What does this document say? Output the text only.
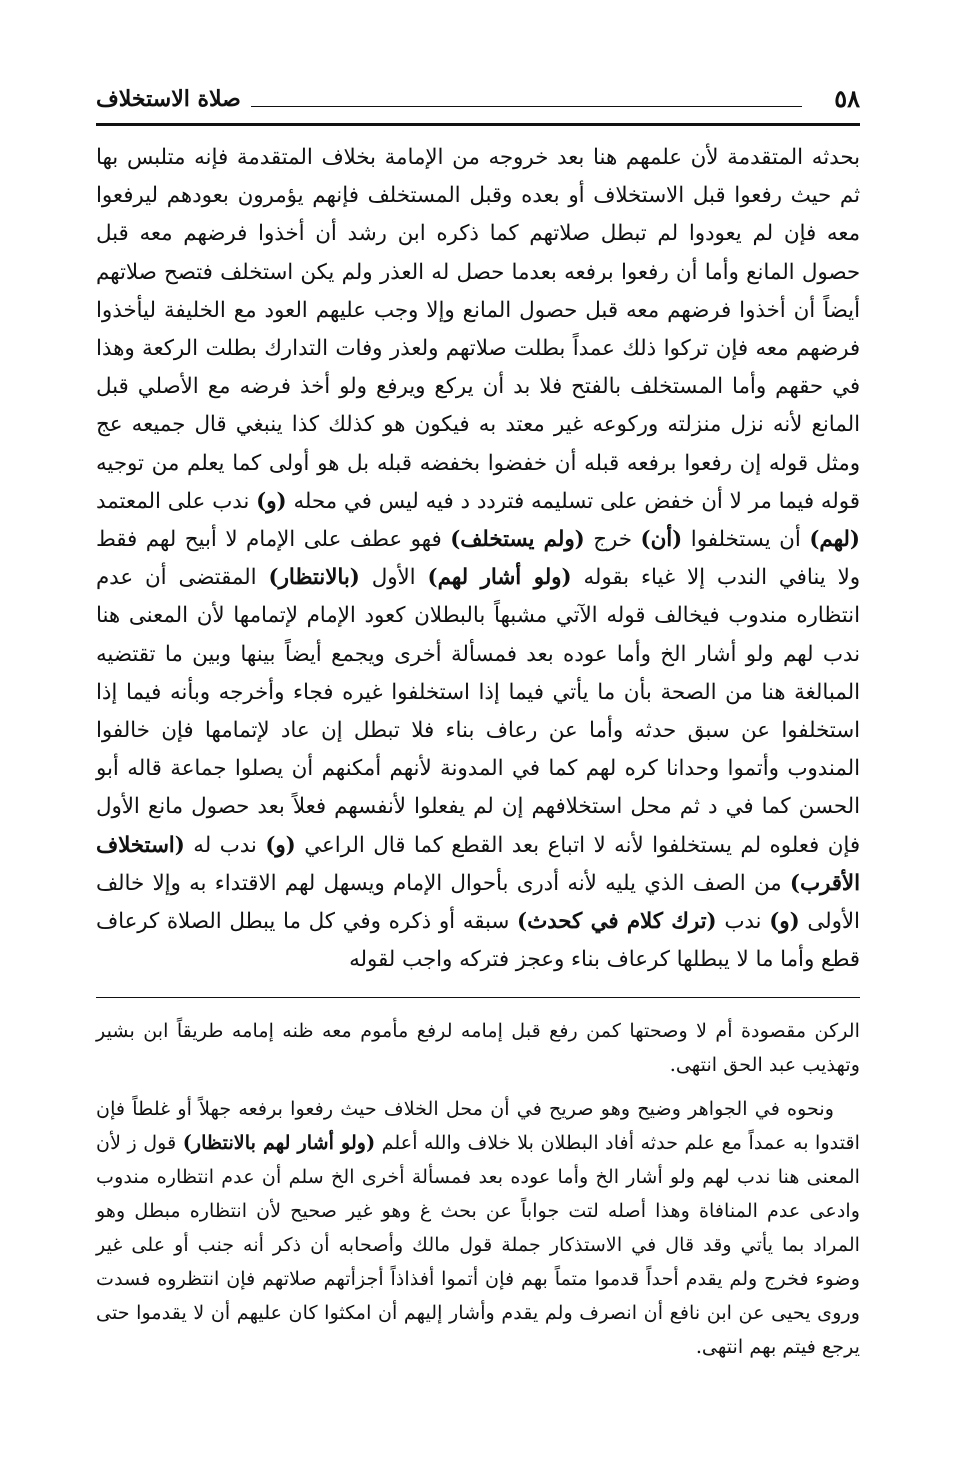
٥٨
صلاة الاستخلاف
بحدثه المتقدمة لأن علمهم هنا بعد خروجه من الإمامة بخلاف المتقدمة فإنه متلبس بها ثم حيث رفعوا قبل الاستخلاف أو بعده وقبل المستخلف فإنهم يؤمرون بعودهم ليرفعوا معه فإن لم يعودوا لم تبطل صلاتهم كما ذكره ابن رشد أن أخذوا فرضهم معه قبل حصول المانع وأما أن رفعوا برفعه بعدما حصل له العذر ولم يكن استخلف فتصح صلاتهم أيضاً أن أخذوا فرضهم معه قبل حصول المانع وإلا وجب عليهم العود مع الخليفة ليأخذوا فرضهم معه فإن تركوا ذلك عمداً بطلت صلاتهم ولعذر وفات التدارك بطلت الركعة وهذا في حقهم وأما المستخلف بالفتح فلا بد أن يركع ويرفع ولو أخذ فرضه مع الأصلي قبل المانع لأنه نزل منزلته وركوعه غير معتد به فيكون هو كذلك كذا ينبغي قال جميعه عج ومثل قوله إن رفعوا برفعه قبله أن خفضوا بخفضه قبله بل هو أولى كما يعلم من توجيه قوله فيما مر لا أن خفض على تسليمه فتردد د فيه ليس في محله (و) ندب على المعتمد (لهم) أن يستخلفوا (أن) خرج (ولم يستخلف) فهو عطف على الإمام لا أبيح لهم فقط ولا ينافي الندب إلا غياء بقوله (ولو أشار لهم) الأول (بالانتظار) المقتضى أن عدم انتظاره مندوب فيخالف قوله الآتي مشبهاً بالبطلان كعود الإمام لإتمامها لأن المعنى هنا ندب لهم ولو أشار الخ وأما عوده بعد فمسألة أخرى ويجمع أيضاً بينها وبين ما تقتضيه المبالغة هنا من الصحة بأن ما يأتي فيما إذا استخلفوا غيره فجاء وأخرجه وبأنه فيما إذا استخلفوا عن سبق حدثه وأما عن رعاف بناء فلا تبطل إن عاد لإتمامها فإن خالفوا المندوب وأتموا وحدانا كره لهم كما في المدونة لأنهم أمكنهم أن يصلوا جماعة قاله أبو الحسن كما في د ثم محل استخلافهم إن لم يفعلوا لأنفسهم فعلاً بعد حصول مانع الأول فإن فعلوه لم يستخلفوا لأنه لا اتباع بعد القطع كما قال الراعي (و) ندب له (استخلاف الأقرب) من الصف الذي يليه لأنه أدرى بأحوال الإمام ويسهل لهم الاقتداء به وإلا خالف الأولى (و) ندب (ترك كلام في كحدث) سبقه أو ذكره وفي كل ما يبطل الصلاة كرعاف قطع وأما ما لا يبطلها كرعاف بناء وعجز فتركه واجب لقوله

الركن مقصودة أم لا وصحتها كمن رفع قبل إمامه لرفع مأموم معه ظنه إمامه طريقاً ابن بشير وتهذيب عبد الحق انتهى.

ونحوه في الجواهر وضيح وهو صريح في أن محل الخلاف حيث رفعوا برفعه جهلاً أو غلطاً فإن اقتدوا به عمداً مع علم حدثه أفاد البطلان بلا خلاف والله أعلم (ولو أشار لهم بالانتظار) قول ز لأن المعنى هنا ندب لهم ولو أشار الخ وأما عوده بعد فمسألة أخرى الخ سلم أن عدم انتظاره مندوب وادعى عدم المنافاة وهذا أصله لتت جواباً عن بحث غ وهو غير صحيح لأن انتظاره مبطل وهو المراد بما يأتي وقد قال في الاستذكار جملة قول مالك وأصحابه أن ذكر أنه جنب أو على غير وضوء فخرج ولم يقدم أحداً قدموا متماً بهم فإن أتموا أفذاذاً أجزأتهم صلاتهم فإن انتظروه فسدت وروى يحيى عن ابن نافع أن انصرف ولم يقدم وأشار إليهم أن امكثوا كان عليهم أن لا يقدموا حتى يرجع فيتم بهم انتهى.
